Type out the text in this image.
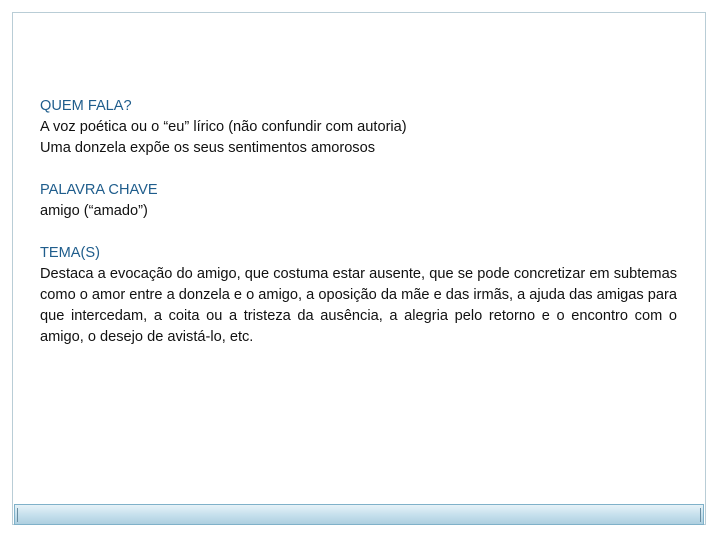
QUEM FALA?
A voz poética ou o “eu” lírico (não confundir com autoria)
Uma donzela expõe os seus sentimentos amorosos
PALAVRA CHAVE
amigo (“amado”)
TEMA(S)
Destaca a evocação do amigo, que costuma estar ausente, que se pode concretizar em subtemas como o amor entre a donzela e o amigo, a oposição da mãe e das irmãs, a ajuda das amigas para que intercedam, a coita ou a tristeza da ausência, a alegria pelo retorno e o encontro com o amigo, o desejo de avistá-lo, etc.
